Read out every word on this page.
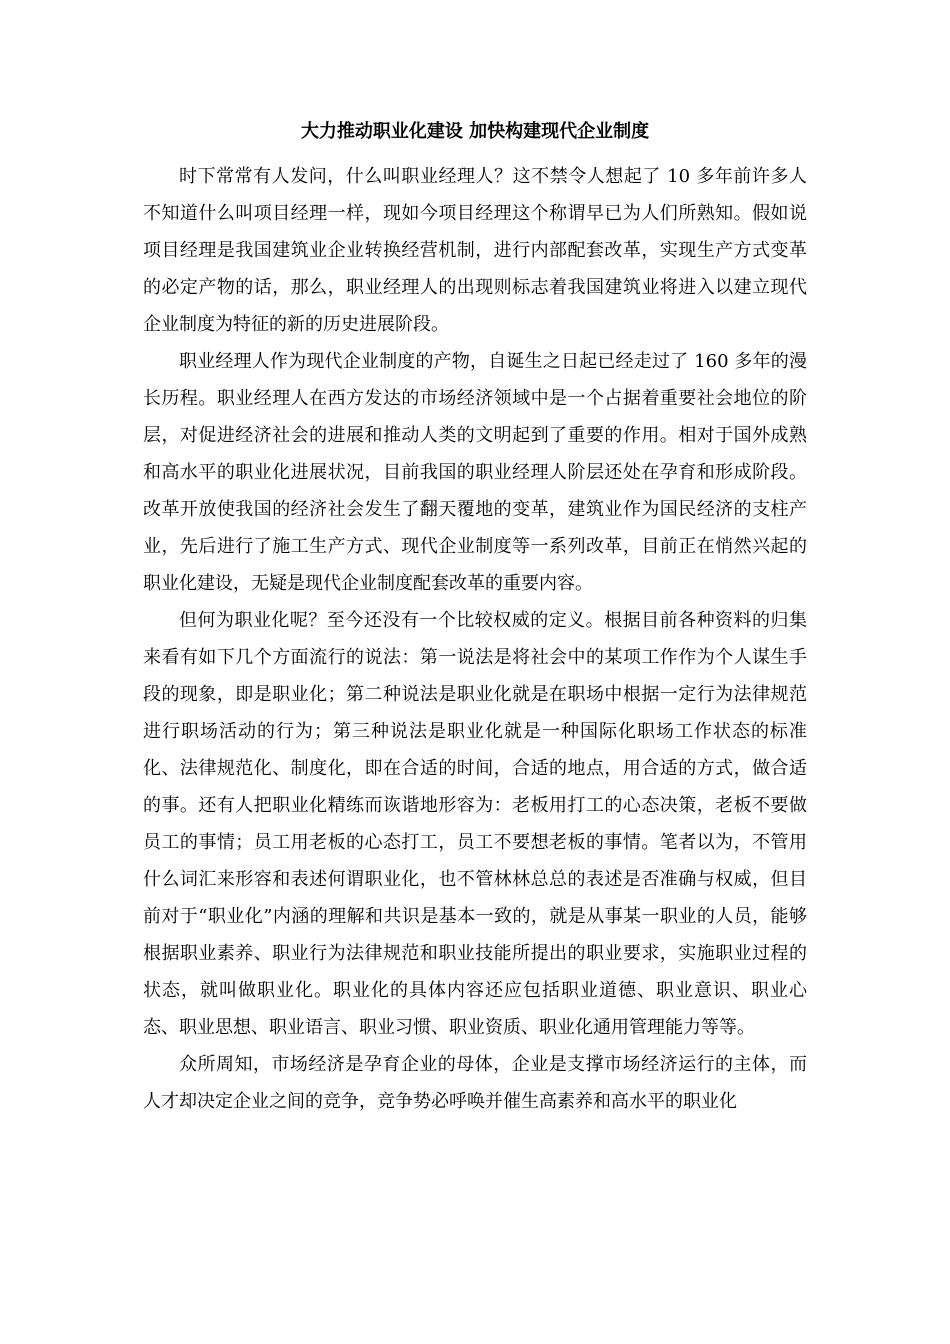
大力推动职业化建设 加快构建现代企业制度

时下常常有人发问，什么叫职业经理人？这不禁令人想起了 10 多年前许多人不知道什么叫项目经理一样，现如今项目经理这个称谓早已为人们所熟知。假如说项目经理是我国建筑业企业转换经营机制，进行内部配套改革，实现生产方式变革的必定产物的话，那么，职业经理人的出现则标志着我国建筑业将进入以建立现代企业制度为特征的新的历史进展阶段。

职业经理人作为现代企业制度的产物，自诞生之日起已经走过了 160 多年的漫长历程。职业经理人在西方发达的市场经济领域中是一个占据着重要社会地位的阶层，对促进经济社会的进展和推动人类的文明起到了重要的作用。相对于国外成熟和高水平的职业化进展状况，目前我国的职业经理人阶层还处在孕育和形成阶段。改革开放使我国的经济社会发生了翻天覆地的变革，建筑业作为国民经济的支柱产业，先后进行了施工生产方式、现代企业制度等一系列改革，目前正在悄然兴起的职业化建设，无疑是现代企业制度配套改革的重要内容。

但何为职业化呢？至今还没有一个比较权威的定义。根据目前各种资料的归集来看有如下几个方面流行的说法：第一说法是将社会中的某项工作作为个人谋生手段的现象，即是职业化；第二种说法是职业化就是在职场中根据一定行为法律规范进行职场活动的行为；第三种说法是职业化就是一种国际化职场工作状态的标准化、法律规范化、制度化，即在合适的时间，合适的地点，用合适的方式，做合适的事。还有人把职业化精练而诙谐地形容为：老板用打工的心态决策，老板不要做员工的事情；员工用老板的心态打工，员工不要想老板的事情。笔者以为，不管用什么词汇来形容和表述何谓职业化，也不管林林总总的表述是否准确与权威，但目前对于“职业化”内涵的理解和共识是基本一致的，就是从事某一职业的人员，能够根据职业素养、职业行为法律规范和职业技能所提出的职业要求，实施职业过程的状态，就叫做职业化。职业化的具体内容还应包括职业道德、职业意识、职业心态、职业思想、职业语言、职业习惯、职业资质、职业化通用管理能力等等。

众所周知，市场经济是孕育企业的母体，企业是支撑市场经济运行的主体，而人才却决定企业之间的竞争，竞争势必呼唤并催生高素养和高水平的职业化
